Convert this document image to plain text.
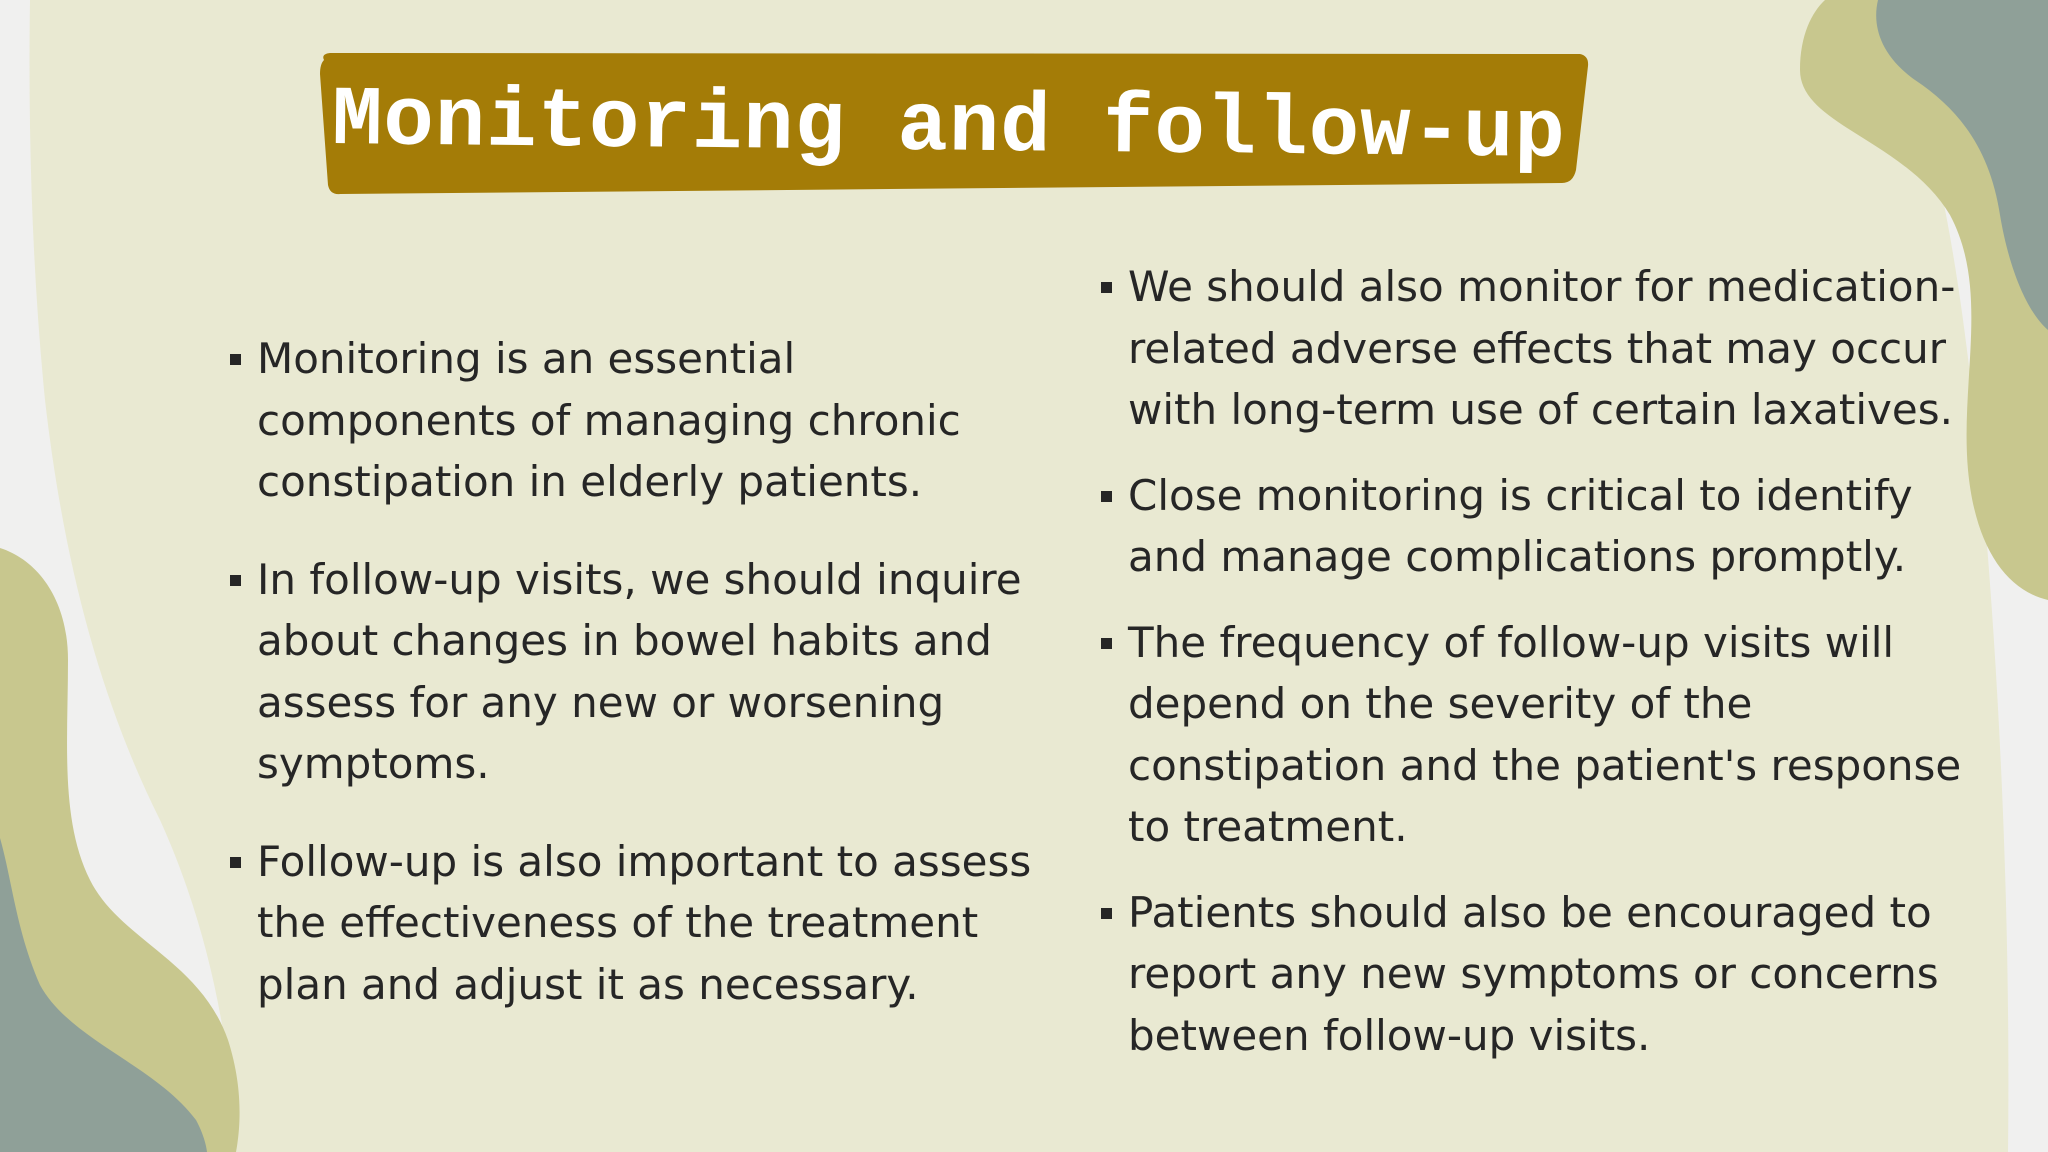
Monitoring and follow-up
Monitoring is an essential components of managing chronic constipation in elderly patients.
In follow-up visits, we should inquire about changes in bowel habits and assess for any new or worsening symptoms.
Follow-up is also important to assess the effectiveness of the treatment plan and adjust it as necessary.
We should also monitor for medication-related adverse effects that may occur with long-term use of certain laxatives.
Close monitoring is critical to identify and manage complications promptly.
The frequency of follow-up visits will depend on the severity of the constipation and the patient's response to treatment.
Patients should also be encouraged to report any new symptoms or concerns between follow-up visits.
